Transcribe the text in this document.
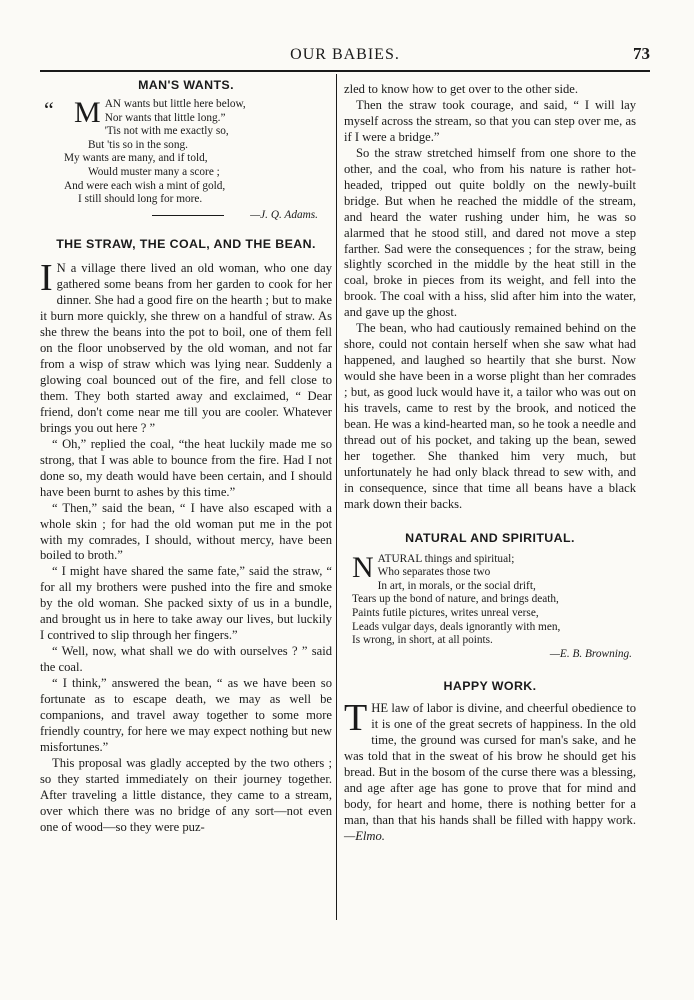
OUR BABIES.	73
MAN'S WANTS.
“ M AN wants but little here below,
Nor wants that little long.”
'Tis not with me exactly so,
But 'tis so in the song.
My wants are many, and if told,
Would muster many a score ;
And were each wish a mint of gold,
I still should long for more.
—J. Q. Adams.
THE STRAW, THE COAL, AND THE BEAN.

I N a village there lived an old woman, who one day gathered some beans from her garden to cook for her dinner. She had a good fire on the hearth ; but to make it burn more quickly, she threw on a handful of straw. As she threw the beans into the pot to boil, one of them fell on the floor unobserved by the old woman, and not far from a wisp of straw which was lying near. Suddenly a glowing coal bounced out of the fire, and fell close to them. They both started away and exclaimed, “ Dear friend, don't come near me till you are cooler. Whatever brings you out here ? ”

“ Oh,” replied the coal, “the heat luckily made me so strong, that I was able to bounce from the fire. Had I not done so, my death would have been certain, and I should have been burnt to ashes by this time.”

“ Then,” said the bean, “ I have also escaped with a whole skin ; for had the old woman put me in the pot with my comrades, I should, without mercy, have been boiled to broth.”

“ I might have shared the same fate,” said the straw, “ for all my brothers were pushed into the fire and smoke by the old woman. She packed sixty of us in a bundle, and brought us in here to take away our lives, but luckily I contrived to slip through her fingers.”

“ Well, now, what shall we do with ourselves ? ” said the coal.

“ I think,” answered the bean, “ as we have been so fortunate as to escape death, we may as well be companions, and travel away together to some more friendly country, for here we may expect nothing but new misfortunes.”

This proposal was gladly accepted by the two others ; so they started immediately on their journey together. After traveling a little distance, they came to a stream, over which there was no bridge of any sort—not even one of wood—so they were puz-

zled to know how to get over to the other side.

Then the straw took courage, and said, “ I will lay myself across the stream, so that you can step over me, as if I were a bridge.”

So the straw stretched himself from one shore to the other, and the coal, who from his nature is rather hot-headed, tripped out quite boldly on the newly-built bridge. But when he reached the middle of the stream, and heard the water rushing under him, he was so alarmed that he stood still, and dared not move a step farther. Sad were the consequences ; for the straw, being slightly scorched in the middle by the heat still in the coal, broke in pieces from its weight, and fell into the brook. The coal with a hiss, slid after him into the water, and gave up the ghost.

The bean, who had cautiously remained behind on the shore, could not contain herself when she saw what had happened, and laughed so heartily that she burst. Now would she have been in a worse plight than her comrades ; but, as good luck would have it, a tailor who was out on his travels, came to rest by the brook, and noticed the bean. He was a kind-hearted man, so he took a needle and thread out of his pocket, and taking up the bean, sewed her together. She thanked him very much, but unfortunately he had only black thread to sew with, and in consequence, since that time all beans have a black mark down their backs.

NATURAL AND SPIRITUAL.
N ATURAL things and spiritual;
Who separates those two
In art, in morals, or the social drift,
Tears up the bond of nature, and brings death,
Paints futile pictures, writes unreal verse,
Leads vulgar days, deals ignorantly with men,
Is wrong, in short, at all points.
—E. B. Browning.
HAPPY WORK.

THE law of labor is divine, and cheerful obedience to it is one of the great secrets of happiness. In the old time, the ground was cursed for man's sake, and he was told that in the sweat of his brow he should get his bread. But in the bosom of the curse there was a blessing, and age after age has gone to prove that for mind and body, for heart and home, there is nothing better for a man, than that his hands shall be filled with happy work.—Elmo.
